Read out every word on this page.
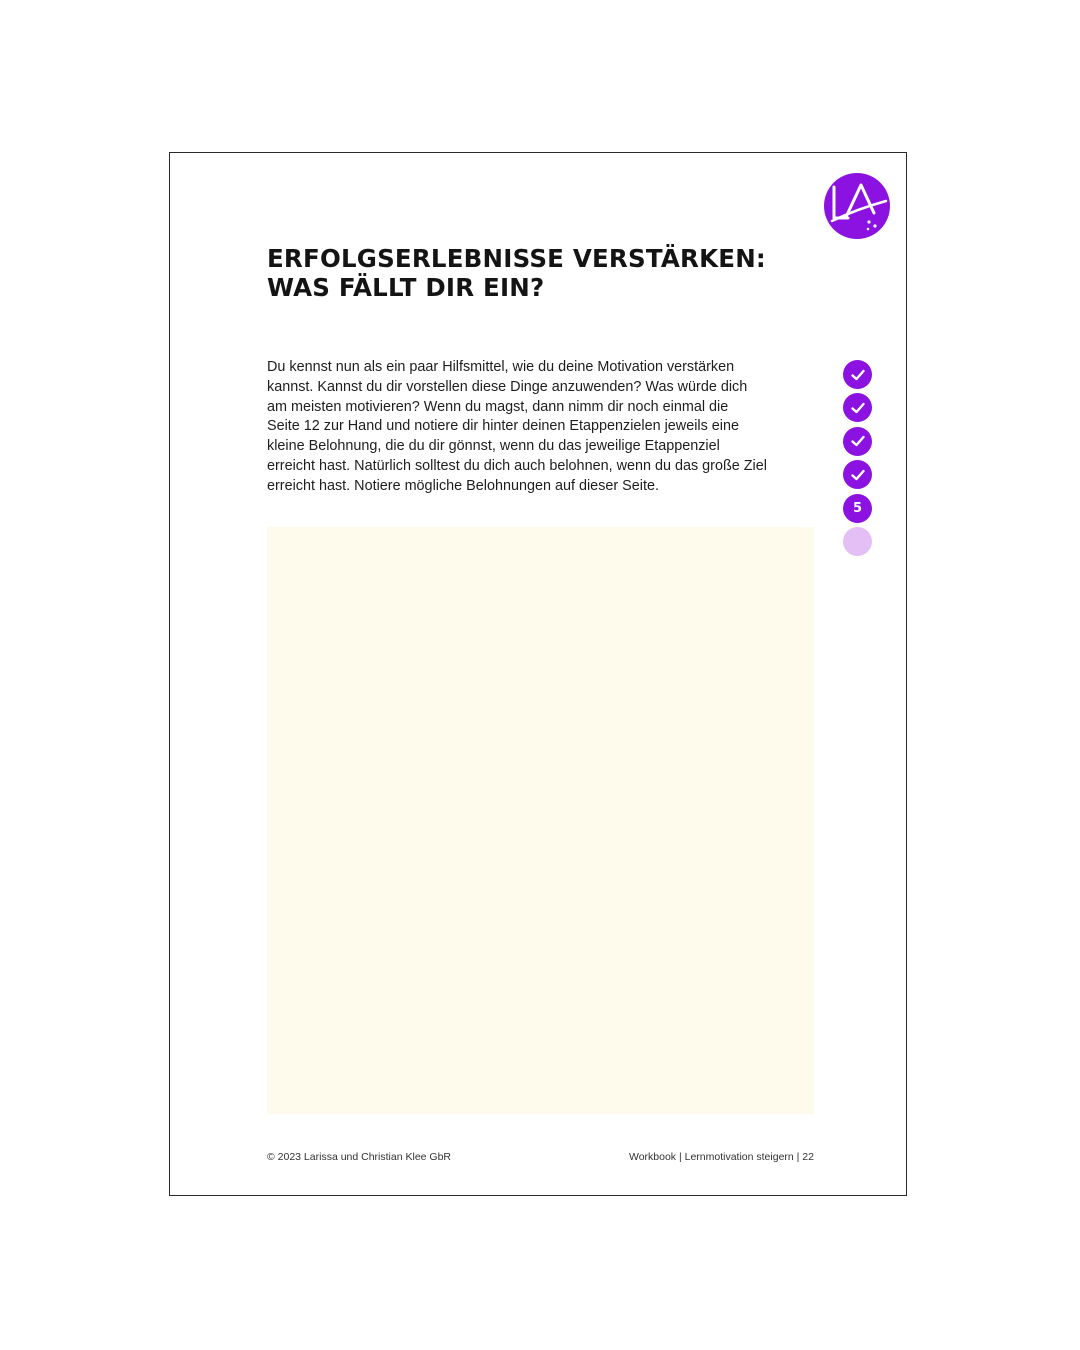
ERFOLGSERLEBNISSE VERSTÄRKEN:
WAS FÄLLT DIR EIN?

Du kennst nun als ein paar Hilfsmittel, wie du deine Motivation verstärken
kannst. Kannst du dir vorstellen diese Dinge anzuwenden? Was würde dich
am meisten motivieren? Wenn du magst, dann nimm dir noch einmal die
Seite 12 zur Hand und notiere dir hinter deinen Etappenzielen jeweils eine
kleine Belohnung, die du dir gönnst, wenn du das jeweilige Etappenziel
erreicht hast. Natürlich solltest du dich auch belohnen, wenn du das große Ziel
erreicht hast. Notiere mögliche Belohnungen auf dieser Seite.

5
© 2023 Larissa und Christian Klee GbR	Workbook | Lernmotivation steigern | 22
